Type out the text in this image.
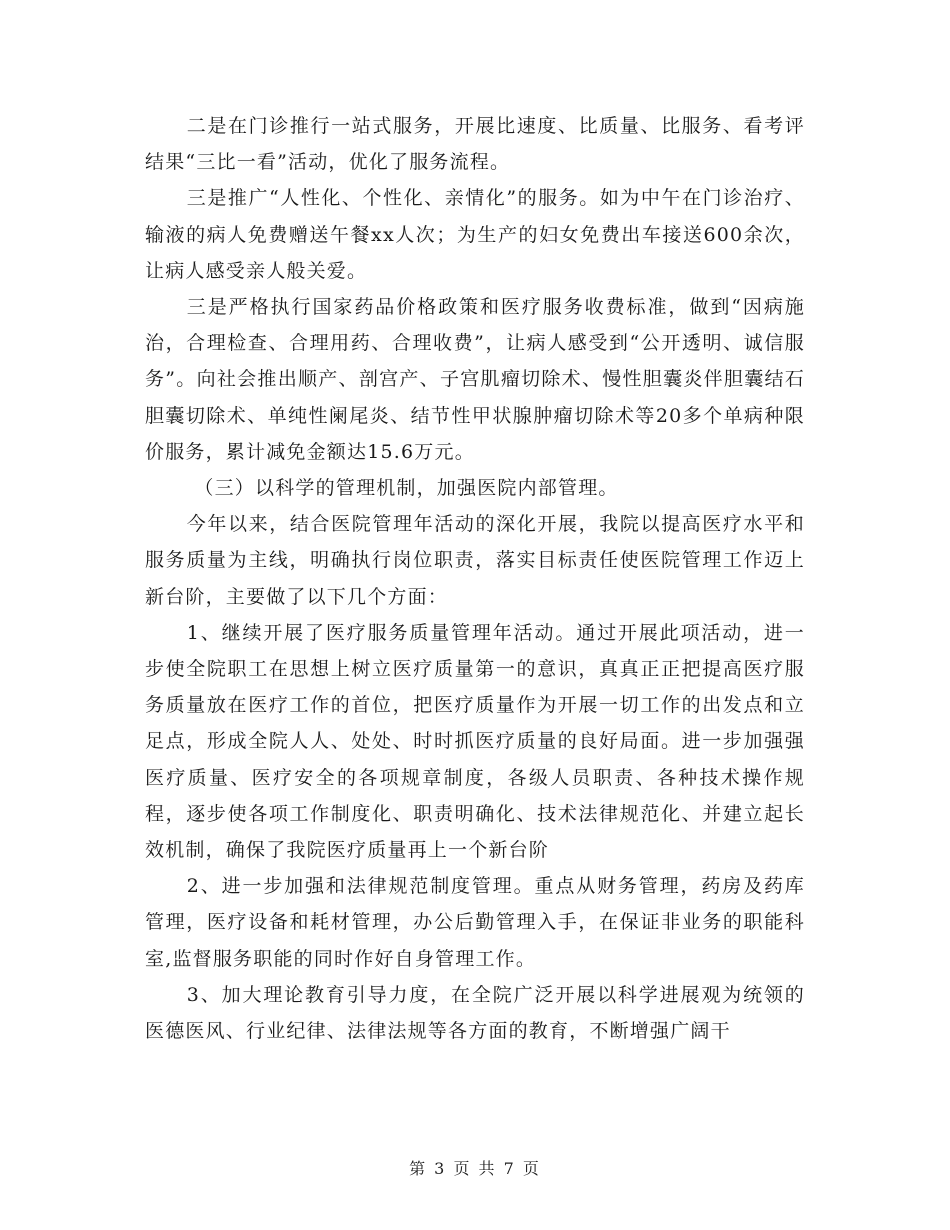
二是在门诊推行一站式服务，开展比速度、比质量、比服务、看考评结果“三比一看”活动，优化了服务流程。

三是推广“人性化、个性化、亲情化”的服务。如为中午在门诊治疗、输液的病人免费赠送午餐xx人次；为生产的妇女免费出车接送600余次，让病人感受亲人般关爱。

三是严格执行国家药品价格政策和医疗服务收费标准，做到“因病施治，合理检查、合理用药、合理收费”，让病人感受到“公开透明、诚信服务”。向社会推出顺产、剖宫产、子宫肌瘤切除术、慢性胆囊炎伴胆囊结石胆囊切除术、单纯性阑尾炎、结节性甲状腺肿瘤切除术等20多个单病种限价服务，累计减免金额达15.6万元。

（三）以科学的管理机制，加强医院内部管理。

今年以来，结合医院管理年活动的深化开展，我院以提高医疗水平和服务质量为主线，明确执行岗位职责，落实目标责任使医院管理工作迈上新台阶，主要做了以下几个方面：

1、继续开展了医疗服务质量管理年活动。通过开展此项活动，进一步使全院职工在思想上树立医疗质量第一的意识，真真正正把提高医疗服务质量放在医疗工作的首位，把医疗质量作为开展一切工作的出发点和立足点，形成全院人人、处处、时时抓医疗质量的良好局面。进一步加强强医疗质量、医疗安全的各项规章制度，各级人员职责、各种技术操作规程，逐步使各项工作制度化、职责明确化、技术法律规范化、并建立起长效机制，确保了我院医疗质量再上一个新台阶

2、进一步加强和法律规范制度管理。重点从财务管理，药房及药库管理，医疗设备和耗材管理，办公后勤管理入手，在保证非业务的职能科室,监督服务职能的同时作好自身管理工作。

3、加大理论教育引导力度，在全院广泛开展以科学进展观为统领的医德医风、行业纪律、法律法规等各方面的教育，不断增强广阔干

第 3 页 共 7 页
